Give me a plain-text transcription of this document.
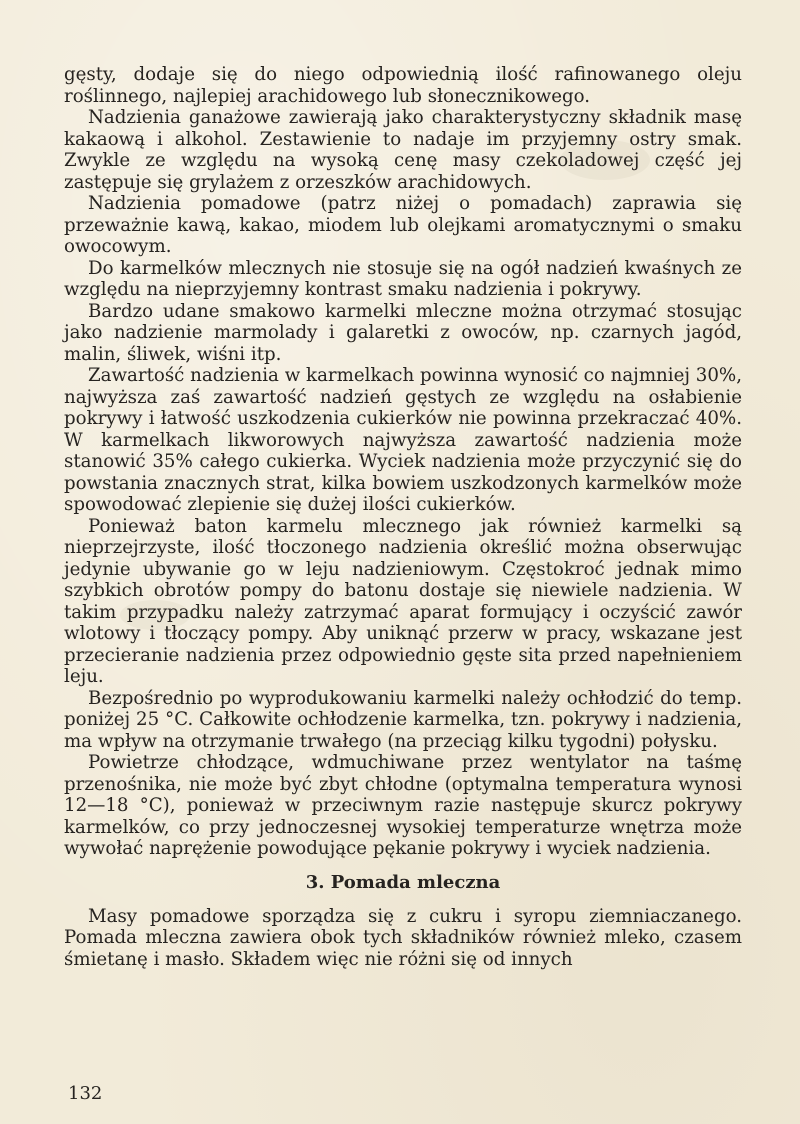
gęsty, dodaje się do niego odpowiednią ilość rafinowanego oleju roślinnego, najlepiej arachidowego lub słonecznikowego.

Nadzienia ganażowe zawierają jako charakterystyczny składnik masę kakaową i alkohol. Zestawienie to nadaje im przyjemny ostry smak. Zwykle ze względu na wysoką cenę masy czekoladowej część jej zastępuje się grylażem z orzeszków arachidowych.

Nadzienia pomadowe (patrz niżej o pomadach) zaprawia się przeważnie kawą, kakao, miodem lub olejkami aromatycznymi o smaku owocowym.

Do karmelków mlecznych nie stosuje się na ogół nadzień kwaśnych ze względu na nieprzyjemny kontrast smaku nadzienia i pokrywy.

Bardzo udane smakowo karmelki mleczne można otrzymać stosując jako nadzienie marmolady i galaretki z owoców, np. czarnych jagód, malin, śliwek, wiśni itp.

Zawartość nadzienia w karmelkach powinna wynosić co najmniej 30%, najwyższa zaś zawartość nadzień gęstych ze względu na osłabienie pokrywy i łatwość uszkodzenia cukierków nie powinna przekraczać 40%. W karmelkach likworowych najwyższa zawartość nadzienia może stanowić 35% całego cukierka. Wyciek nadzienia może przyczynić się do powstania znacznych strat, kilka bowiem uszkodzonych karmelków może spowodować zlepienie się dużej ilości cukierków.

Ponieważ baton karmelu mlecznego jak również karmelki są nieprzejrzyste, ilość tłoczonego nadzienia określić można obserwując jedynie ubywanie go w leju nadzieniowym. Częstokroć jednak mimo szybkich obrotów pompy do batonu dostaje się niewiele nadzienia. W takim przypadku należy zatrzymać aparat formujący i oczyścić zawór wlotowy i tłoczący pompy. Aby uniknąć przerw w pracy, wskazane jest przecieranie nadzienia przez odpowiednio gęste sita przed napełnieniem leju.

Bezpośrednio po wyprodukowaniu karmelki należy ochłodzić do temp. poniżej 25 °C. Całkowite ochłodzenie karmelka, tzn. pokrywy i nadzienia, ma wpływ na otrzymanie trwałego (na przeciąg kilku tygodni) połysku.

Powietrze chłodzące, wdmuchiwane przez wentylator na taśmę przenośnika, nie może być zbyt chłodne (optymalna temperatura wynosi 12—18 °C), ponieważ w przeciwnym razie następuje skurcz pokrywy karmelków, co przy jednoczesnej wysokiej temperaturze wnętrza może wywołać naprężenie powodujące pękanie pokrywy i wyciek nadzienia.

3. Pomada mleczna

Masy pomadowe sporządza się z cukru i syropu ziemniaczanego. Pomada mleczna zawiera obok tych składników również mleko, czasem śmietanę i masło. Składem więc nie różni się od innych

132
